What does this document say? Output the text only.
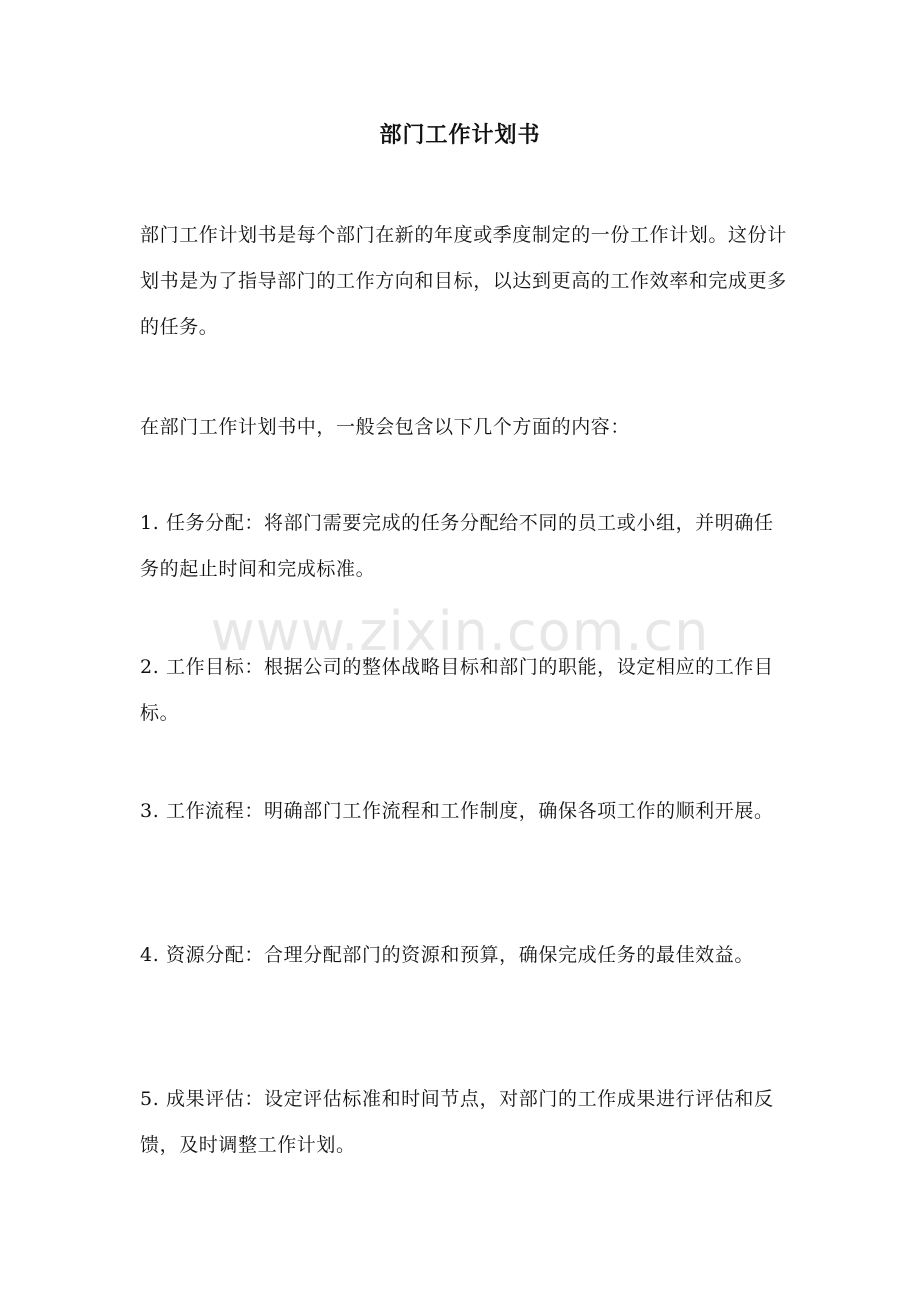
部门工作计划书
部门工作计划书是每个部门在新的年度或季度制定的一份工作计划。这份计划书是为了指导部门的工作方向和目标，以达到更高的工作效率和完成更多的任务。
在部门工作计划书中，一般会包含以下几个方面的内容：
1. 任务分配：将部门需要完成的任务分配给不同的员工或小组，并明确任务的起止时间和完成标准。
2. 工作目标：根据公司的整体战略目标和部门的职能，设定相应的工作目标。
3. 工作流程：明确部门工作流程和工作制度，确保各项工作的顺利开展。
4. 资源分配：合理分配部门的资源和预算，确保完成任务的最佳效益。
5. 成果评估：设定评估标准和时间节点，对部门的工作成果进行评估和反馈，及时调整工作计划。
www.zixin.com.cn
